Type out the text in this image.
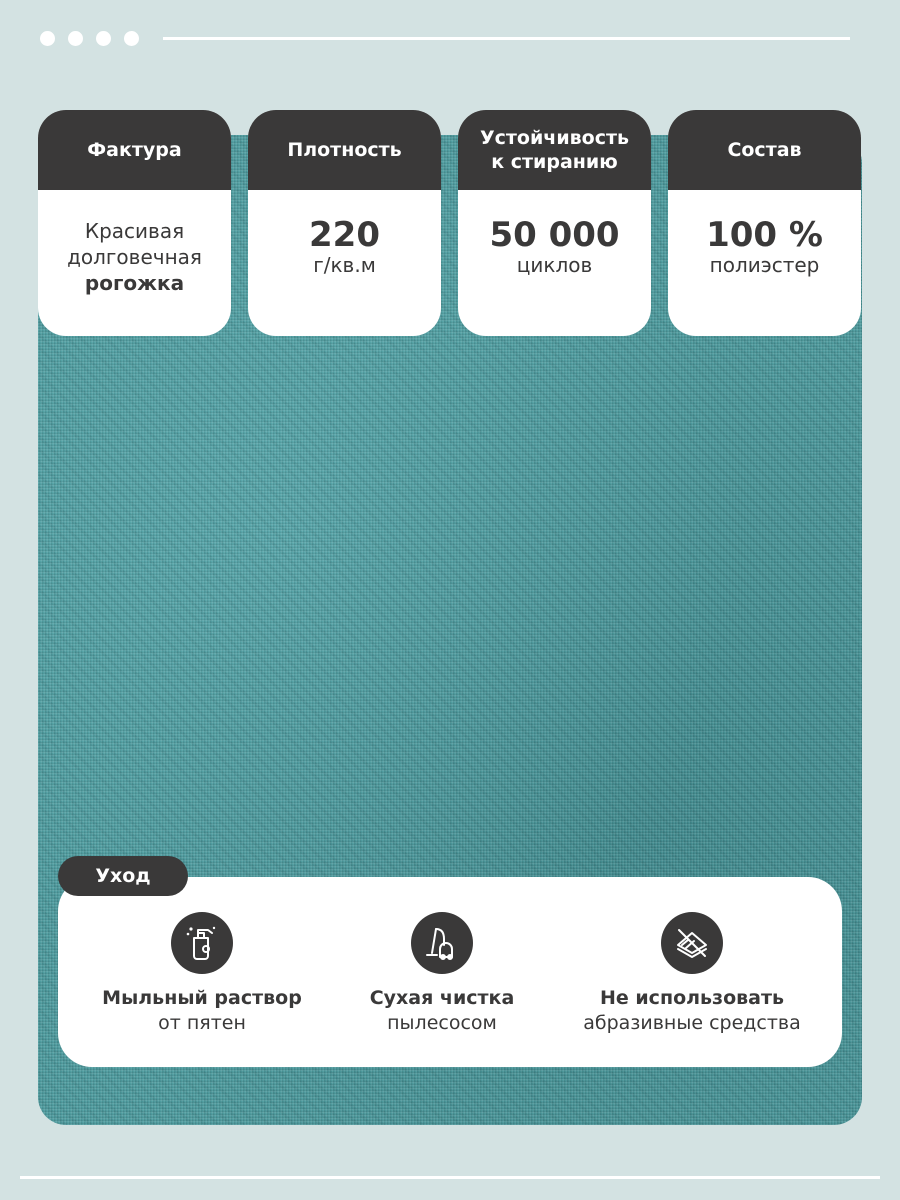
Фактура
Красивая
долговечная
рогожка
Плотность
220
г/кв.м
Устойчивость
к стиранию
50 000
циклов
Состав
100 %
полиэстер
Уход
Мыльный раствор
от пятен
Сухая чистка
пылесосом
Не использовать
абразивные средства
